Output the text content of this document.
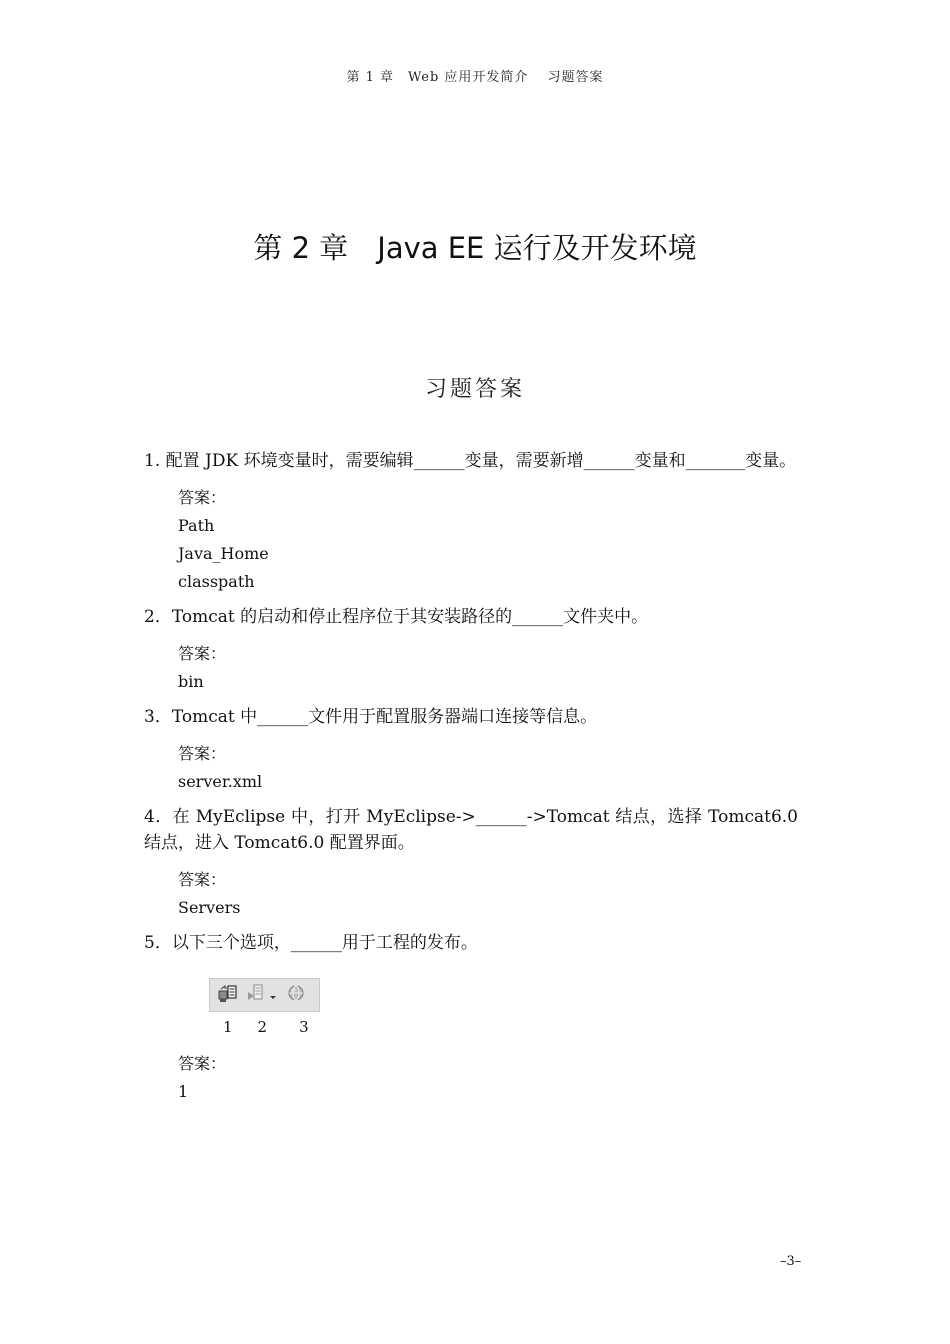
第 1 章　Web 应用开发简介　 习题答案
第 2 章　Java EE 运行及开发环境
习题答案

1. 配置 JDK 环境变量时，需要编辑______变量，需要新增______变量和_______变量。

答案：
Path
Java_Home
classpath

2．Tomcat 的启动和停止程序位于其安装路径的______文件夹中。

答案：
bin

3．Tomcat 中______文件用于配置服务器端口连接等信息。

答案：
server.xml

4．在 MyEclipse 中，打开 MyEclipse->______->Tomcat 结点，选择 Tomcat6.0 结点，进入 Tomcat6.0 配置界面。

答案：
Servers

5．以下三个选项，______用于工程的发布。

1 2 3
答案：
1
–3–
